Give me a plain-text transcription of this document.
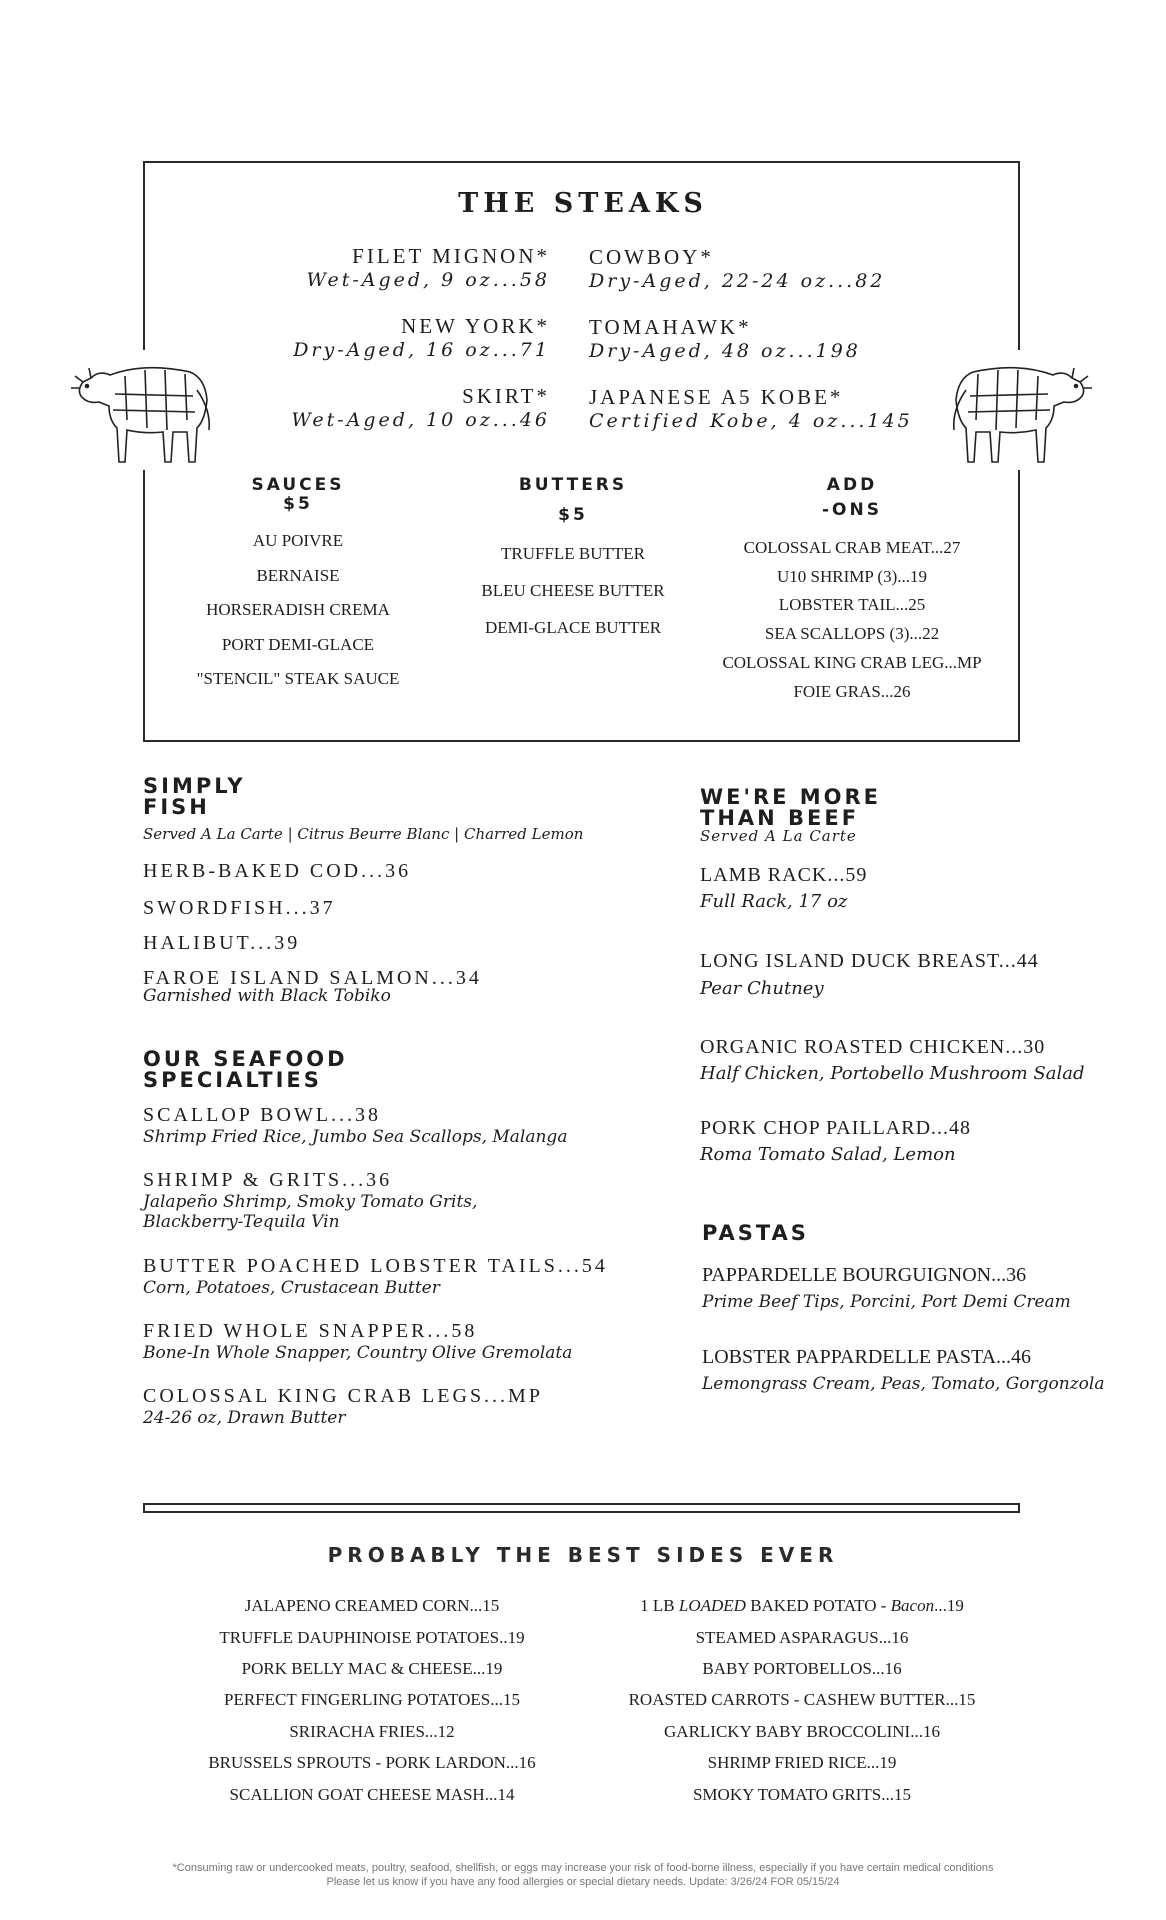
THE STEAKS
FILET MIGNON*
Wet-Aged, 9 oz...58
NEW YORK*
Dry-Aged, 16 oz...71
SKIRT*
Wet-Aged, 10 oz...46
COWBOY*
Dry-Aged, 22-24 oz...82
TOMAHAWK*
Dry-Aged, 48 oz...198
JAPANESE A5 KOBE*
Certified Kobe, 4 oz...145
SAUCES
$5
AU POIVRE
BERNAISE
HORSERADISH CREMA
PORT DEMI-GLACE
"STENCIL" STEAK SAUCE
BUTTERS
$5
TRUFFLE BUTTER
BLEU CHEESE BUTTER
DEMI-GLACE BUTTER
ADD
-ONS
COLOSSAL CRAB MEAT...27
U10 SHRIMP (3)...19
LOBSTER TAIL...25
SEA SCALLOPS (3)...22
COLOSSAL KING CRAB LEG...MP
FOIE GRAS...26
SIMPLY
FISH
Served A La Carte | Citrus Beurre Blanc | Charred Lemon
HERB-BAKED COD...36
SWORDFISH...37
HALIBUT...39
FAROE ISLAND SALMON...34
Garnished with Black Tobiko
OUR SEAFOOD
SPECIALTIES
SCALLOP BOWL...38
Shrimp Fried Rice, Jumbo Sea Scallops, Malanga
SHRIMP & GRITS...36
Jalapeño Shrimp, Smoky Tomato Grits,
Blackberry-Tequila Vin
BUTTER POACHED LOBSTER TAILS...54
Corn, Potatoes, Crustacean Butter
FRIED WHOLE SNAPPER...58
Bone-In Whole Snapper, Country Olive Gremolata
COLOSSAL KING CRAB LEGS...MP
24-26 oz, Drawn Butter
WE'RE MORE
THAN BEEF
Served A La Carte
LAMB RACK...59
Full Rack, 17 oz
LONG ISLAND DUCK BREAST...44
Pear Chutney
ORGANIC ROASTED CHICKEN...30
Half Chicken, Portobello Mushroom Salad
PORK CHOP PAILLARD...48
Roma Tomato Salad, Lemon
PASTAS
PAPPARDELLE BOURGUIGNON...36
Prime Beef Tips, Porcini, Port Demi Cream
LOBSTER PAPPARDELLE PASTA...46
Lemongrass Cream, Peas, Tomato, Gorgonzola
PROBABLY THE BEST SIDES EVER
JALAPENO CREAMED CORN...15
TRUFFLE DAUPHINOISE POTATOES..19
PORK BELLY MAC & CHEESE...19
PERFECT FINGERLING POTATOES...15
SRIRACHA FRIES...12
BRUSSELS SPROUTS - PORK LARDON...16
SCALLION GOAT CHEESE MASH...14
1 LB LOADED BAKED POTATO - Bacon...19
STEAMED ASPARAGUS...16
BABY PORTOBELLOS...16
ROASTED CARROTS - CASHEW BUTTER...15
GARLICKY BABY BROCCOLINI...16
SHRIMP FRIED RICE...19
SMOKY TOMATO GRITS...15
*Consuming raw or undercooked meats, poultry, seafood, shellfish, or eggs may increase your risk of food-borne illness, especially if you have certain medical conditions
Please let us know if you have any food allergies or special dietary needs. Update: 3/26/24 FOR 05/15/24
